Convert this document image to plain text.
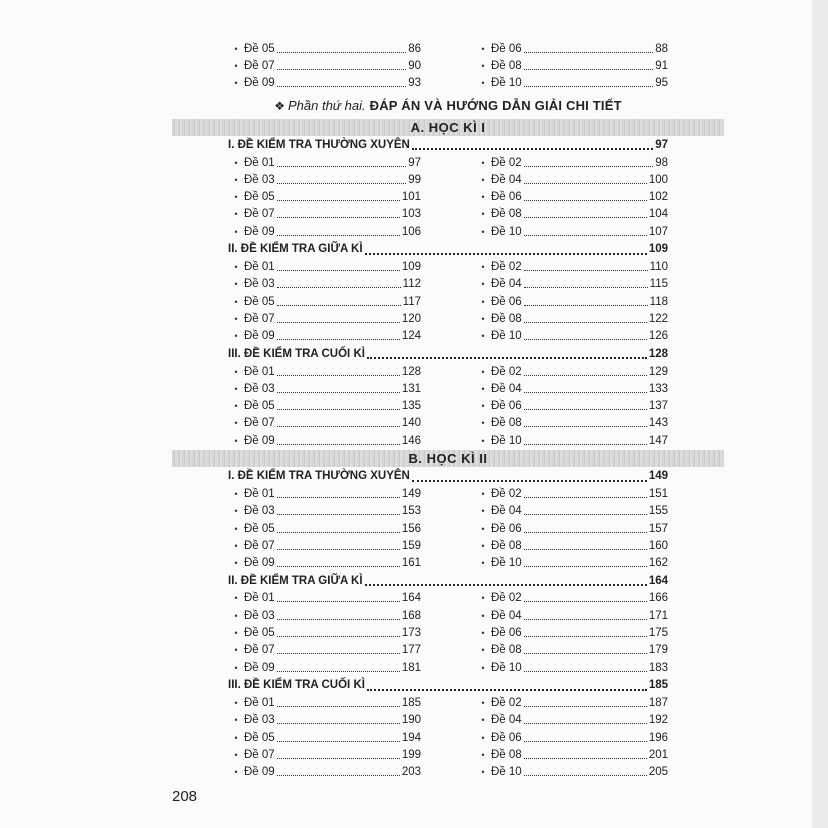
• Đề 05	86	• Đề 06	88
• Đề 07	90	• Đề 08	91
• Đề 09	93	• Đề 10	95
❖ Phần thứ hai. ĐÁP ÁN VÀ HƯỚNG DẪN GIẢI CHI TIẾT
A. HỌC KÌ I
I. ĐỀ KIỂM TRA THƯỜNG XUYÊN	97
• Đề 01	97	• Đề 02	98
• Đề 03	99	• Đề 04	100
• Đề 05	101	• Đề 06	102
• Đề 07	103	• Đề 08	104
• Đề 09	106	• Đề 10	107
II. ĐỀ KIỂM TRA GIỮA KÌ	109
• Đề 01	109	• Đề 02	110
• Đề 03	112	• Đề 04	115
• Đề 05	117	• Đề 06	118
• Đề 07	120	• Đề 08	122
• Đề 09	124	• Đề 10	126
III. ĐỀ KIỂM TRA CUỐI KÌ	128
• Đề 01	128	• Đề 02	129
• Đề 03	131	• Đề 04	133
• Đề 05	135	• Đề 06	137
• Đề 07	140	• Đề 08	143
• Đề 09	146	• Đề 10	147
B. HỌC KÌ II
I. ĐỀ KIỂM TRA THƯỜNG XUYÊN	149
• Đề 01	149	• Đề 02	151
• Đề 03	153	• Đề 04	155
• Đề 05	156	• Đề 06	157
• Đề 07	159	• Đề 08	160
• Đề 09	161	• Đề 10	162
II. ĐỀ KIỂM TRA GIỮA KÌ	164
• Đề 01	164	• Đề 02	166
• Đề 03	168	• Đề 04	171
• Đề 05	173	• Đề 06	175
• Đề 07	177	• Đề 08	179
• Đề 09	181	• Đề 10	183
III. ĐỀ KIỂM TRA CUỐI KÌ	185
• Đề 01	185	• Đề 02	187
• Đề 03	190	• Đề 04	192
• Đề 05	194	• Đề 06	196
• Đề 07	199	• Đề 08	201
• Đề 09	203	• Đề 10	205
208
